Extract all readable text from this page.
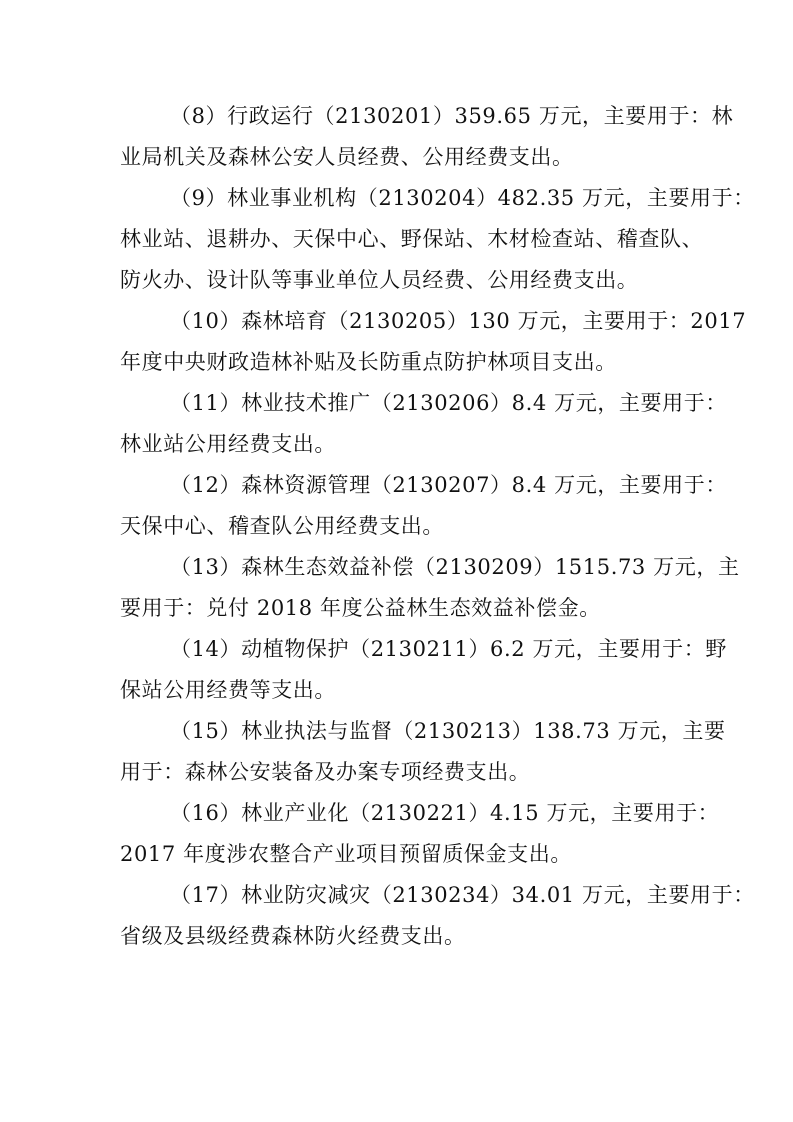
（8）行政运行（2130201）359.65 万元，主要用于：林
业局机关及森林公安人员经费、公用经费支出。
（9）林业事业机构（2130204）482.35 万元，主要用于：
林业站、退耕办、天保中心、野保站、木材检查站、稽查队、
防火办、设计队等事业单位人员经费、公用经费支出。
（10）森林培育（2130205）130 万元，主要用于：2017
年度中央财政造林补贴及长防重点防护林项目支出。
（11）林业技术推广（2130206）8.4 万元，主要用于：
林业站公用经费支出。
（12）森林资源管理（2130207）8.4 万元，主要用于：
天保中心、稽查队公用经费支出。
（13）森林生态效益补偿（2130209）1515.73 万元，主
要用于：兑付 2018 年度公益林生态效益补偿金。
（14）动植物保护（2130211）6.2 万元，主要用于：野
保站公用经费等支出。
（15）林业执法与监督（2130213）138.73 万元，主要
用于：森林公安装备及办案专项经费支出。
（16）林业产业化（2130221）4.15 万元，主要用于：
2017 年度涉农整合产业项目预留质保金支出。
（17）林业防灾减灾（2130234）34.01 万元，主要用于：
省级及县级经费森林防火经费支出。
